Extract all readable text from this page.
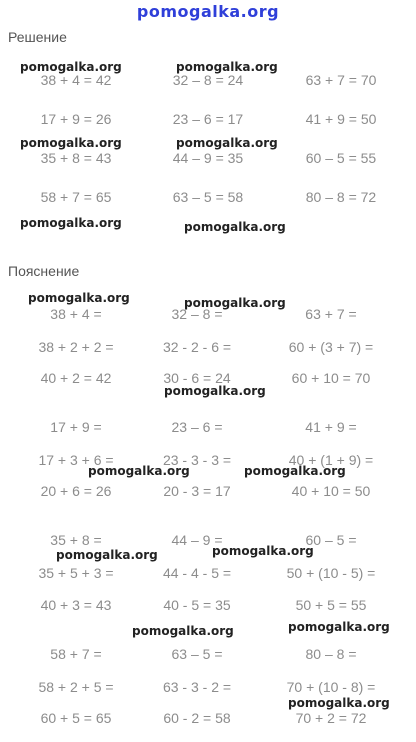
pomogalka.org
Решение
38 + 4 = 42	32 – 8 = 24	63 + 7 = 70
17 + 9 = 26	23 – 6 = 17	41 + 9 = 50
35 + 8 = 43	44 – 9 = 35	60 – 5 = 55
58 + 7 = 65	63 – 5 = 58	80 – 8 = 72
Пояснение
38 + 4 =	32 – 8 =	63 + 7 =
38 + 2 + 2 =	32 - 2 - 6 =	60 + (3 + 7) =
40 + 2 = 42	30 - 6 = 24	60 + 10 = 70
17 + 9 =	23 – 6 =	41 + 9 =
17 + 3 + 6 =	23 - 3 - 3 =	40 + (1 + 9) =
20 + 6 = 26	20 - 3 = 17	40 + 10 = 50
35 + 8 =	44 – 9 =	60 – 5 =
35 + 5 + 3 =	44 - 4 - 5 =	50 + (10 - 5) =
40 + 3 = 43	40 - 5 = 35	50 + 5 = 55
58 + 7 =	63 – 5 =	80 – 8 =
58 + 2 + 5 =	63 - 3 - 2 =	70 + (10 - 8) =
60 + 5 = 65	60 - 2 = 58	70 + 2 = 72
pomogalka.org	pomogalka.org
pomogalka.org	pomogalka.org
pomogalka.org	pomogalka.org
pomogalka.org	pomogalka.org
pomogalka.org
pomogalka.org	pomogalka.org
pomogalka.org
pomogalka.org
pomogalka.org
pomogalka.org
pomogalka.org
